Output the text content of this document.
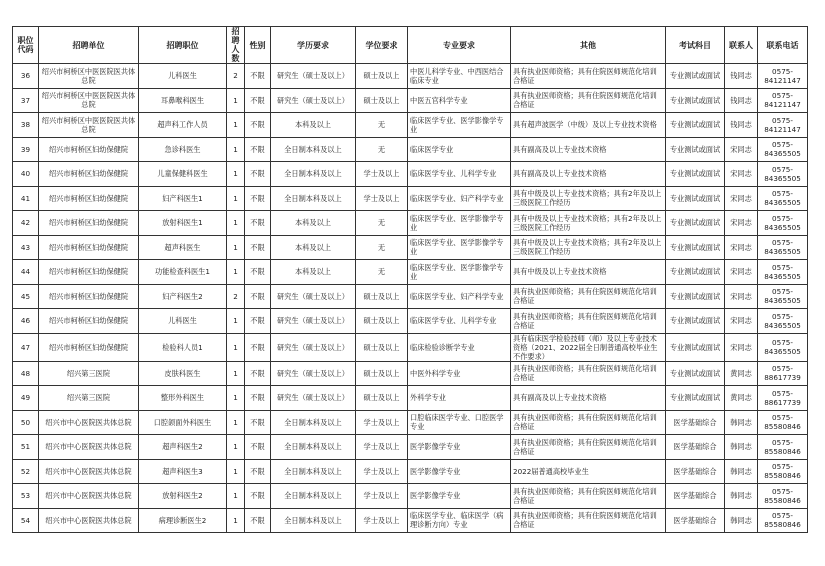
职位代码	招聘单位	招聘职位	招聘人数	性别	学历要求	学位要求	专业要求	其他	考试科目	联系人	联系电话
36	绍兴市柯桥区中医医院医共体总院	儿科医生	2	不限	研究生（硕士及以上）	硕士及以上	中医儿科学专业、中西医结合临床专业	具有执业医师资格；具有住院医师规范化培训合格证	专业测试或面试	钱同志	0575-84121147
37	绍兴市柯桥区中医医院医共体总院	耳鼻喉科医生	1	不限	研究生（硕士及以上）	硕士及以上	中医五官科学专业	具有执业医师资格；具有住院医师规范化培训合格证	专业测试或面试	钱同志	0575-84121147
38	绍兴市柯桥区中医医院医共体总院	超声科工作人员	1	不限	本科及以上	无	临床医学专业、医学影像学专业	具有超声波医学（中级）及以上专业技术资格	专业测试或面试	钱同志	0575-84121147
39	绍兴市柯桥区妇幼保健院	急诊科医生	1	不限	全日制本科及以上	无	临床医学专业	具有副高及以上专业技术资格	专业测试或面试	宋同志	0575-84365505
40	绍兴市柯桥区妇幼保健院	儿童保健科医生	1	不限	全日制本科及以上	学士及以上	临床医学专业、儿科学专业	具有副高及以上专业技术资格	专业测试或面试	宋同志	0575-84365505
41	绍兴市柯桥区妇幼保健院	妇产科医生1	1	不限	全日制本科及以上	学士及以上	临床医学专业、妇产科学专业	具有中级及以上专业技术资格；具有2年及以上三级医院工作经历	专业测试或面试	宋同志	0575-84365505
42	绍兴市柯桥区妇幼保健院	放射科医生1	1	不限	本科及以上	无	临床医学专业、医学影像学专业	具有中级及以上专业技术资格；具有2年及以上三级医院工作经历	专业测试或面试	宋同志	0575-84365505
43	绍兴市柯桥区妇幼保健院	超声科医生	1	不限	本科及以上	无	临床医学专业、医学影像学专业	具有中级及以上专业技术资格；具有2年及以上三级医院工作经历	专业测试或面试	宋同志	0575-84365505
44	绍兴市柯桥区妇幼保健院	功能检查科医生1	1	不限	本科及以上	无	临床医学专业、医学影像学专业	具有中级及以上专业技术资格	专业测试或面试	宋同志	0575-84365505
45	绍兴市柯桥区妇幼保健院	妇产科医生2	2	不限	研究生（硕士及以上）	硕士及以上	临床医学专业、妇产科学专业	具有执业医师资格；具有住院医师规范化培训合格证	专业测试或面试	宋同志	0575-84365505
46	绍兴市柯桥区妇幼保健院	儿科医生	1	不限	研究生（硕士及以上）	硕士及以上	临床医学专业、儿科学专业	具有执业医师资格；具有住院医师规范化培训合格证	专业测试或面试	宋同志	0575-84365505
47	绍兴市柯桥区妇幼保健院	检验科人员1	1	不限	研究生（硕士及以上）	硕士及以上	临床检验诊断学专业	具有临床医学检验技师（师）及以上专业技术资格（2021、2022届全日制普通高校毕业生不作要求）	专业测试或面试	宋同志	0575-84365505
48	绍兴第三医院	皮肤科医生	1	不限	研究生（硕士及以上）	硕士及以上	中医外科学专业	具有执业医师资格；具有住院医师规范化培训合格证	专业测试或面试	黄同志	0575-88617739
49	绍兴第三医院	整形外科医生	1	不限	研究生（硕士及以上）	硕士及以上	外科学专业	具有副高及以上专业技术资格	专业测试或面试	黄同志	0575-88617739
50	绍兴市中心医院医共体总院	口腔颌面外科医生	1	不限	全日制本科及以上	学士及以上	口腔临床医学专业、口腔医学专业	具有执业医师资格；具有住院医师规范化培训合格证	医学基础综合	韩同志	0575-85580846
51	绍兴市中心医院医共体总院	超声科医生2	1	不限	全日制本科及以上	学士及以上	医学影像学专业	具有执业医师资格；具有住院医师规范化培训合格证	医学基础综合	韩同志	0575-85580846
52	绍兴市中心医院医共体总院	超声科医生3	1	不限	全日制本科及以上	学士及以上	医学影像学专业	2022届普通高校毕业生	医学基础综合	韩同志	0575-85580846
53	绍兴市中心医院医共体总院	放射科医生2	1	不限	全日制本科及以上	学士及以上	医学影像学专业	具有执业医师资格；具有住院医师规范化培训合格证	医学基础综合	韩同志	0575-85580846
54	绍兴市中心医院医共体总院	病理诊断医生2	1	不限	全日制本科及以上	学士及以上	临床医学专业、临床医学（病理诊断方向）专业	具有执业医师资格；具有住院医师规范化培训合格证	医学基础综合	韩同志	0575-85580846
